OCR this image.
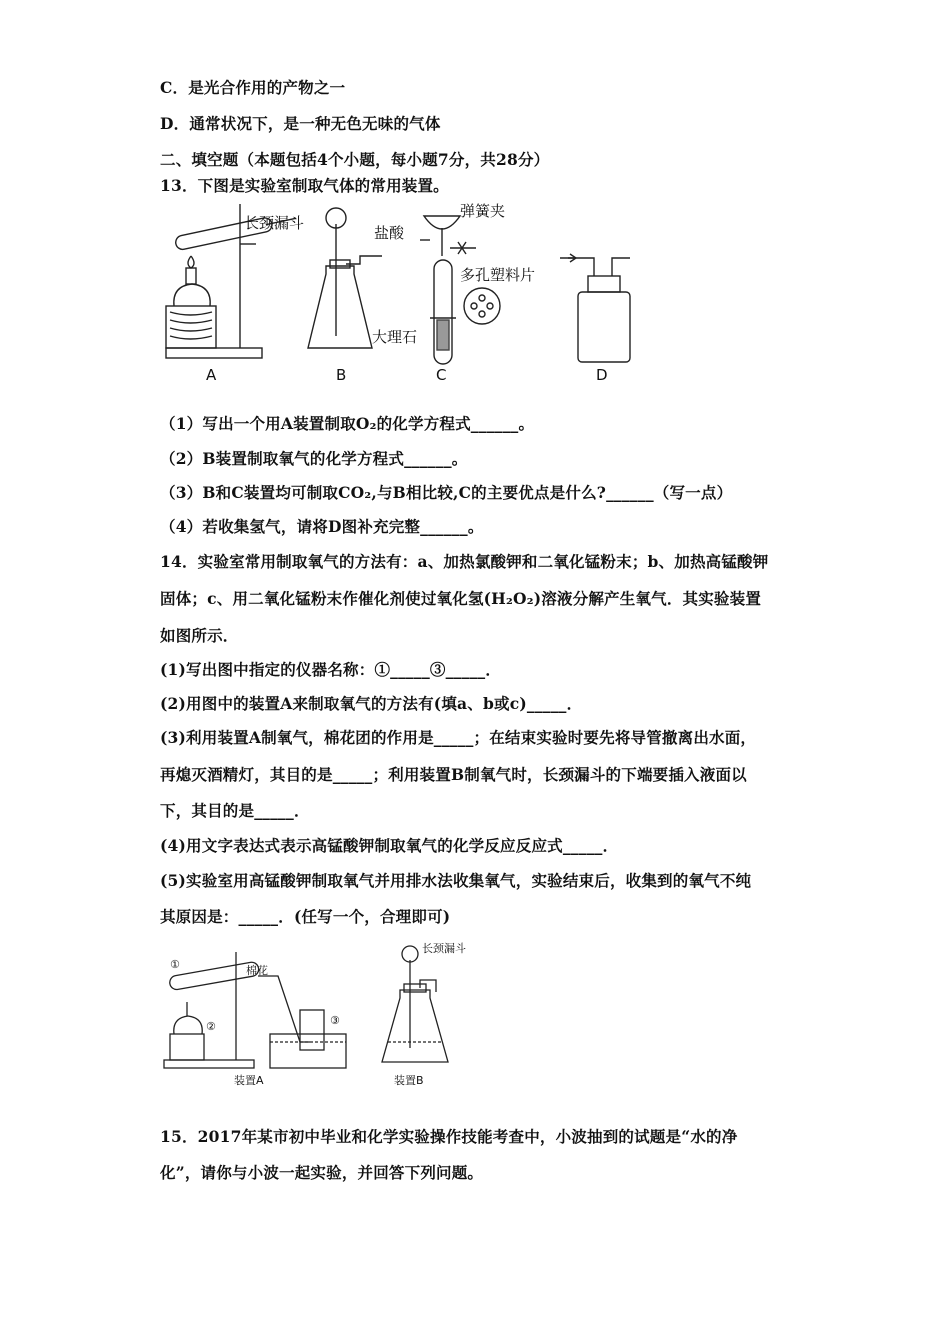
C．是光合作用的产物之一
D．通常状况下，是一种无色无味的气体
二、填空题（本题包括4个小题，每小题7分，共28分）
13．下图是实验室制取气体的常用装置。
A	B	C	D
长颈漏斗
盐酸
弹簧夹
多孔塑料片
大理石
（1）写出一个用A装置制取O₂的化学方程式______。
（2）B装置制取氧气的化学方程式______。
（3）B和C装置均可制取CO₂,与B相比较,C的主要优点是什么?______（写一点）
（4）若收集氢气，请将D图补充完整______。
14．实验室常用制取氧气的方法有：a、加热氯酸钾和二氧化锰粉末；b、加热高锰酸钾
固体；c、用二氧化锰粉末作催化剂使过氧化氢(H₂O₂)溶液分解产生氧气．其实验装置
如图所示．
(1)写出图中指定的仪器名称：①_____③_____．
(2)用图中的装置A来制取氧气的方法有(填a、b或c)_____．
(3)利用装置A制氧气，棉花团的作用是_____；在结束实验时要先将导管撤离出水面，
再熄灭酒精灯，其目的是_____；利用装置B制氧气时，长颈漏斗的下端要插入液面以
下，其目的是_____．
(4)用文字表达式表示高锰酸钾制取氧气的化学反应反应式_____．
(5)实验室用高锰酸钾制取氧气并用排水法收集氧气，实验结束后，收集到的氧气不纯
其原因是：_____．(任写一个，合理即可)
棉花
①
②	③
长颈漏斗
装置A	装置B
15．2017年某市初中毕业和化学实验操作技能考查中，小波抽到的试题是“水的净
化”，请你与小波一起实验，并回答下列问题。
